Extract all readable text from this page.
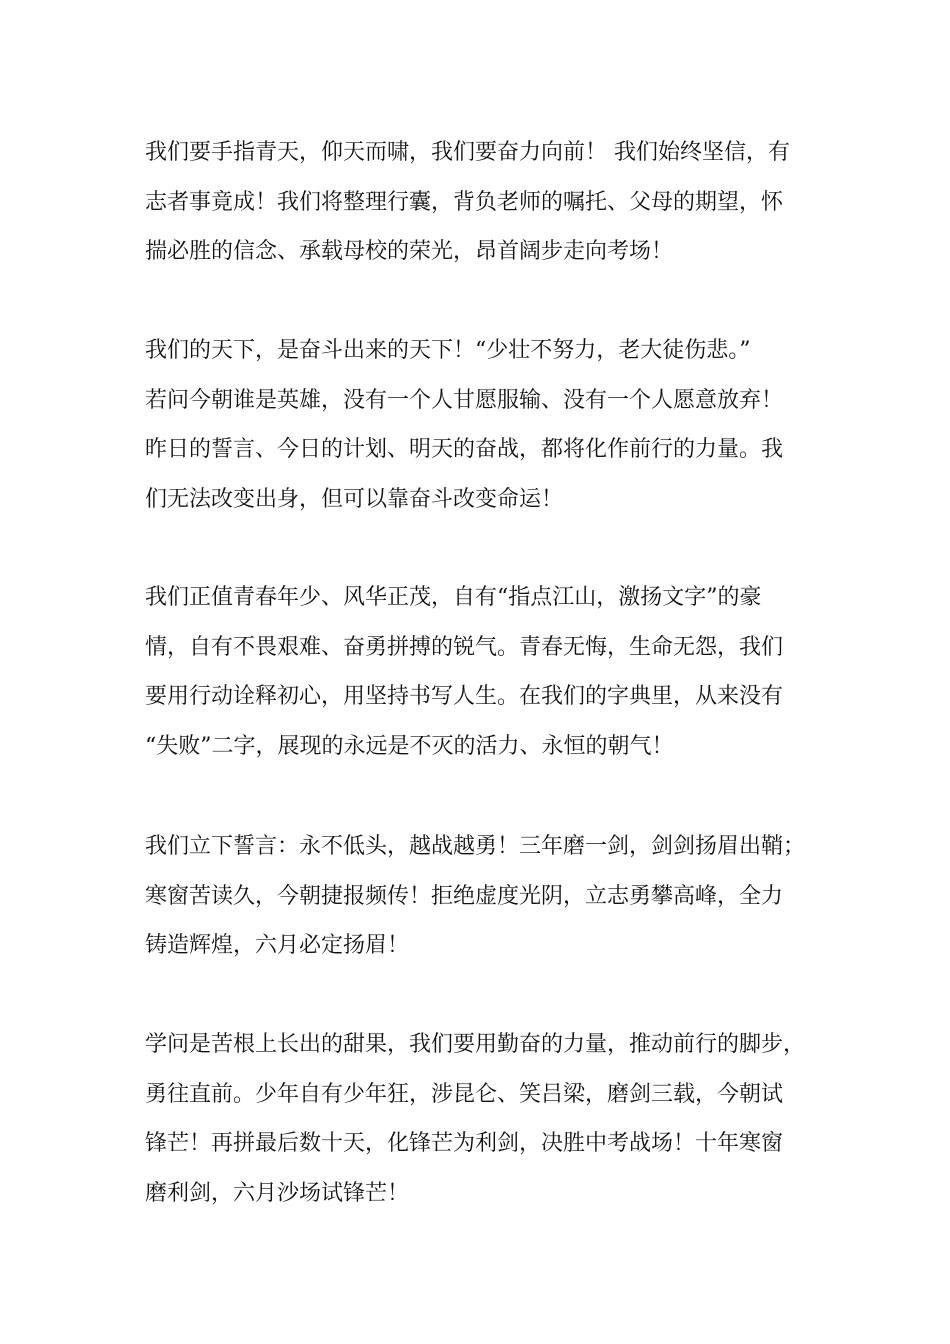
我们要手指青天，仰天而啸，我们要奋力向前！ 我们始终坚信，有
志者事竟成！我们将整理行囊，背负老师的嘱托、父母的期望，怀
揣必胜的信念、承载母校的荣光，昂首阔步走向考场！

我们的天下，是奋斗出来的天下！“少壮不努力，老大徒伤悲。”
若问今朝谁是英雄，没有一个人甘愿服输、没有一个人愿意放弃！
昨日的誓言、今日的计划、明天的奋战，都将化作前行的力量。我
们无法改变出身，但可以靠奋斗改变命运！

我们正值青春年少、风华正茂，自有“指点江山，激扬文字”的豪
情，自有不畏艰难、奋勇拼搏的锐气。青春无悔，生命无怨，我们
要用行动诠释初心，用坚持书写人生。在我们的字典里，从来没有
“失败”二字，展现的永远是不灭的活力、永恒的朝气！

我们立下誓言：永不低头，越战越勇！三年磨一剑，剑剑扬眉出鞘；
寒窗苦读久，今朝捷报频传！拒绝虚度光阴，立志勇攀高峰，全力
铸造辉煌，六月必定扬眉！

学问是苦根上长出的甜果，我们要用勤奋的力量，推动前行的脚步，
勇往直前。少年自有少年狂，涉昆仑、笑吕梁，磨剑三载，今朝试
锋芒！再拼最后数十天，化锋芒为利剑，决胜中考战场！十年寒窗
磨利剑，六月沙场试锋芒！
